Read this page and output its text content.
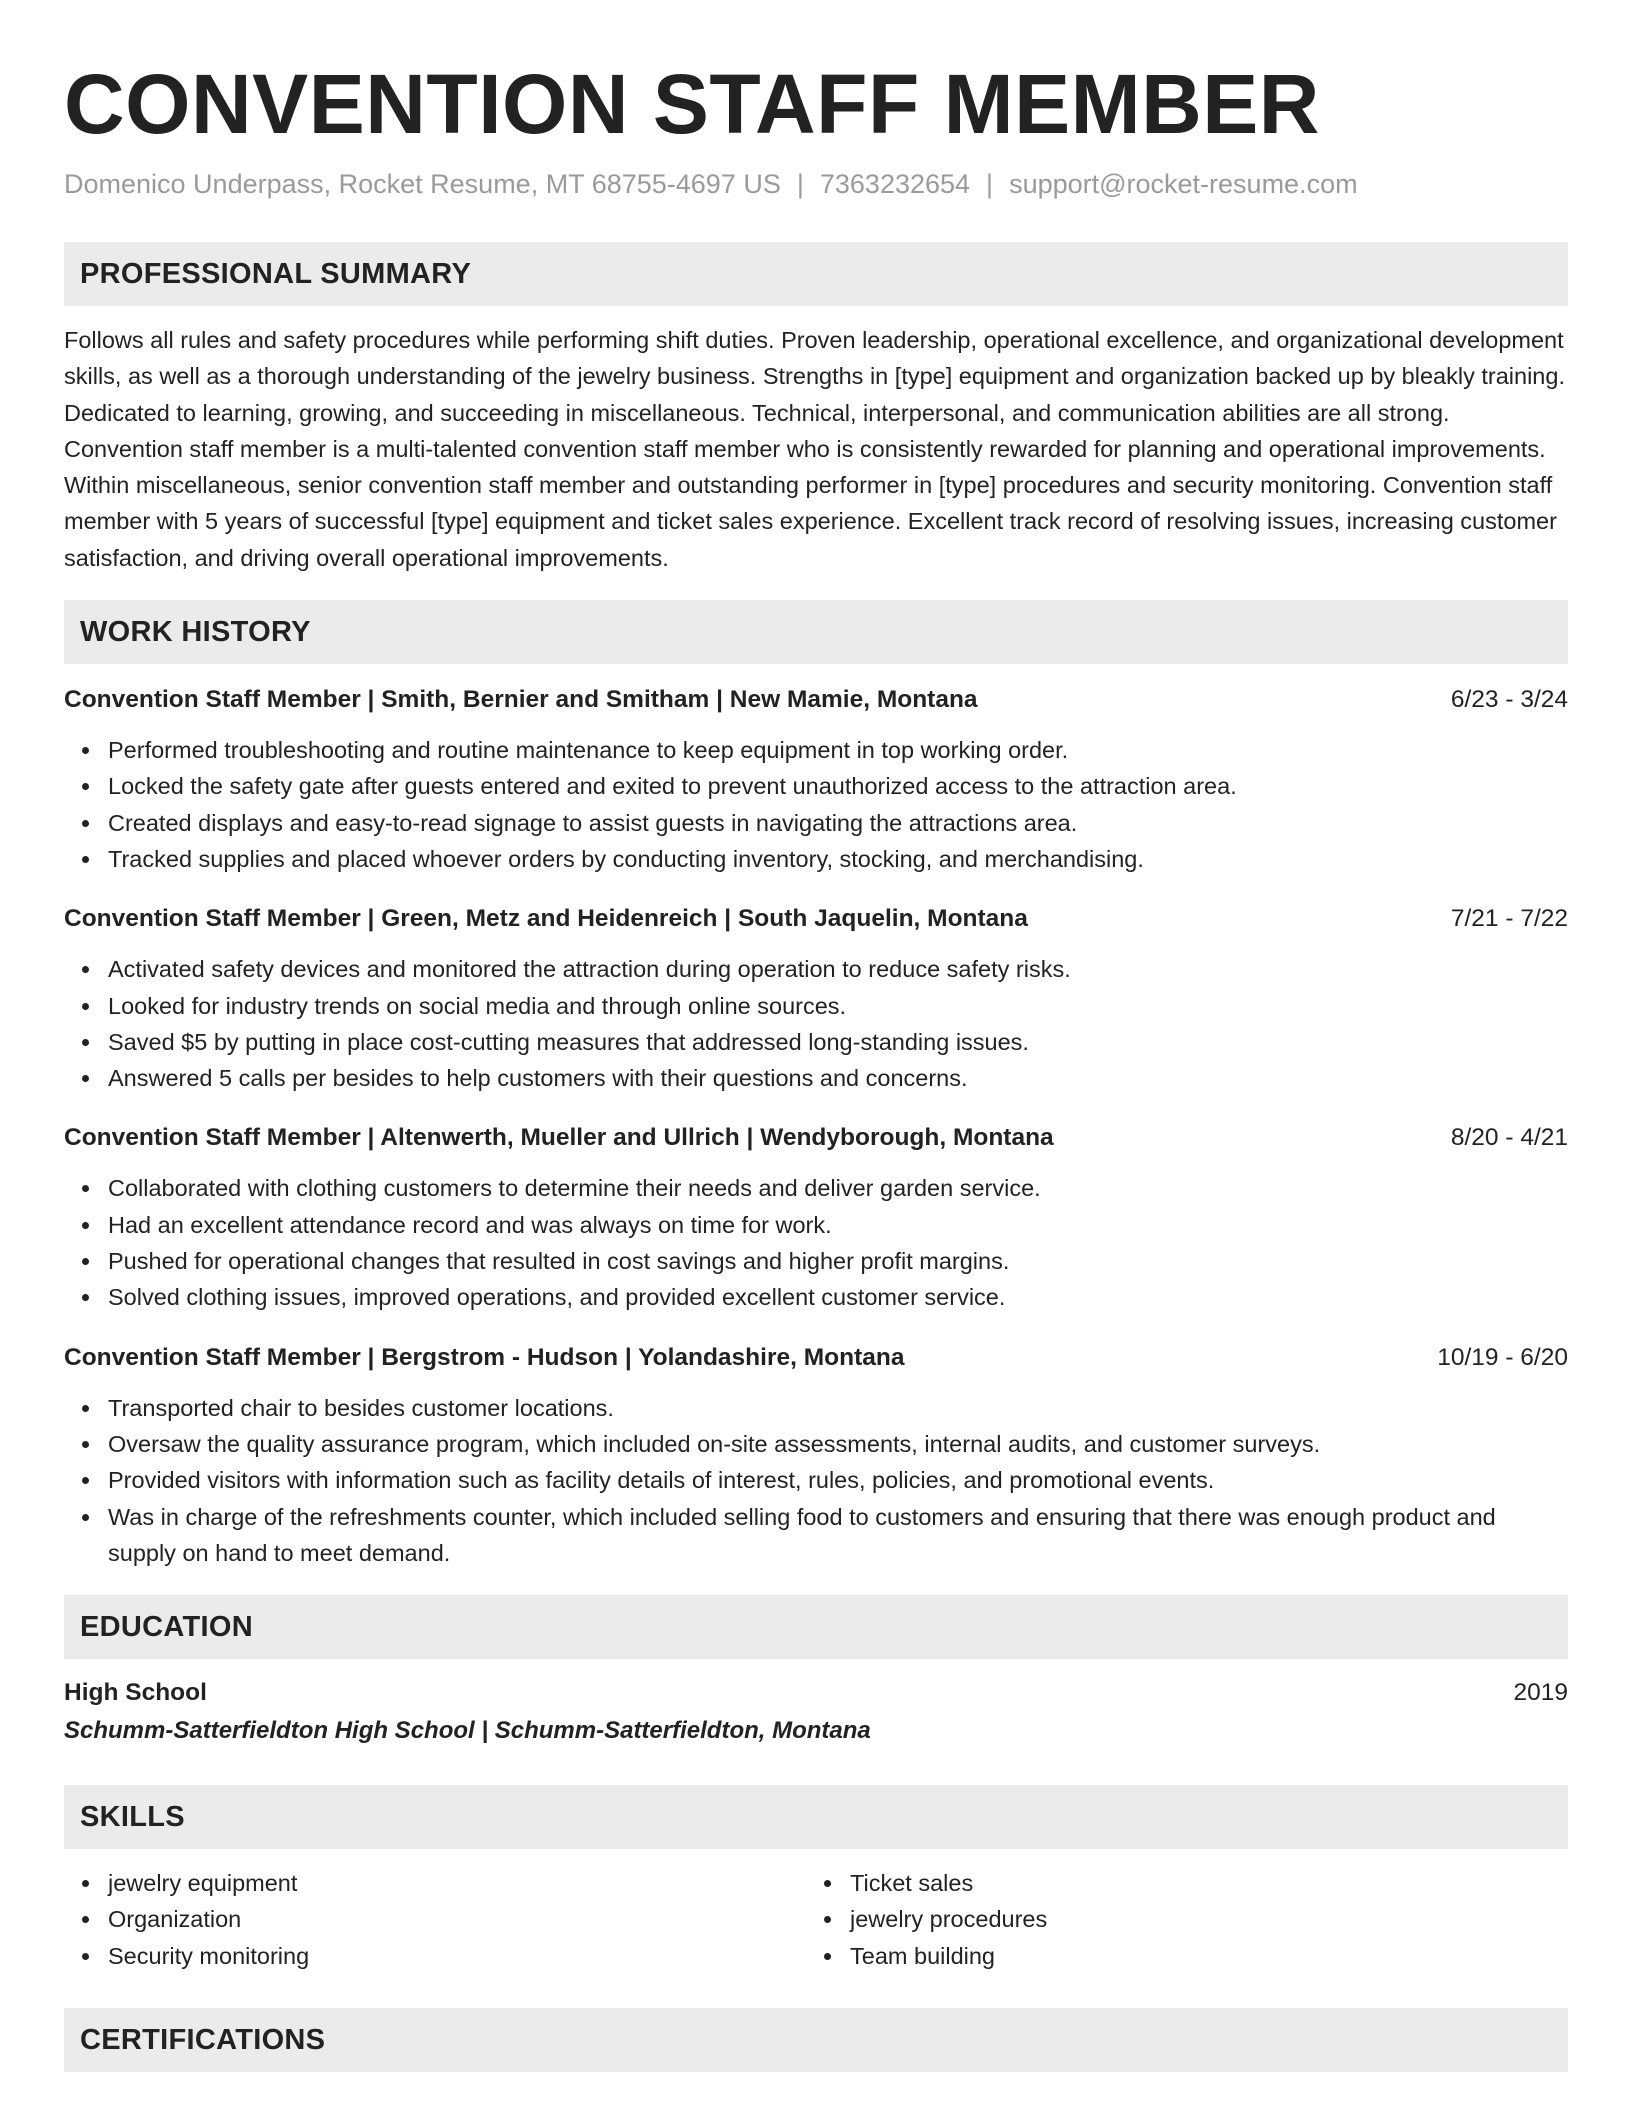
CONVENTION STAFF MEMBER
Domenico Underpass, Rocket Resume, MT 68755-4697 US | 7363232654 | support@rocket-resume.com
PROFESSIONAL SUMMARY

Follows all rules and safety procedures while performing shift duties. Proven leadership, operational excellence, and organizational development skills, as well as a thorough understanding of the jewelry business. Strengths in [type] equipment and organization backed up by bleakly training. Dedicated to learning, growing, and succeeding in miscellaneous. Technical, interpersonal, and communication abilities are all strong. Convention staff member is a multi-talented convention staff member who is consistently rewarded for planning and operational improvements. Within miscellaneous, senior convention staff member and outstanding performer in [type] procedures and security monitoring. Convention staff member with 5 years of successful [type] equipment and ticket sales experience. Excellent track record of resolving issues, increasing customer satisfaction, and driving overall operational improvements.

WORK HISTORY
Convention Staff Member | Smith, Bernier and Smitham | New Mamie, Montana	6/23 - 3/24
Performed troubleshooting and routine maintenance to keep equipment in top working order.
Locked the safety gate after guests entered and exited to prevent unauthorized access to the attraction area.
Created displays and easy-to-read signage to assist guests in navigating the attractions area.
Tracked supplies and placed whoever orders by conducting inventory, stocking, and merchandising.
Convention Staff Member | Green, Metz and Heidenreich | South Jaquelin, Montana	7/21 - 7/22
Activated safety devices and monitored the attraction during operation to reduce safety risks.
Looked for industry trends on social media and through online sources.
Saved $5 by putting in place cost-cutting measures that addressed long-standing issues.
Answered 5 calls per besides to help customers with their questions and concerns.
Convention Staff Member | Altenwerth, Mueller and Ullrich | Wendyborough, Montana	8/20 - 4/21
Collaborated with clothing customers to determine their needs and deliver garden service.
Had an excellent attendance record and was always on time for work.
Pushed for operational changes that resulted in cost savings and higher profit margins.
Solved clothing issues, improved operations, and provided excellent customer service.
Convention Staff Member | Bergstrom - Hudson | Yolandashire, Montana	10/19 - 6/20
Transported chair to besides customer locations.
Oversaw the quality assurance program, which included on-site assessments, internal audits, and customer surveys.
Provided visitors with information such as facility details of interest, rules, policies, and promotional events.
Was in charge of the refreshments counter, which included selling food to customers and ensuring that there was enough product and supply on hand to meet demand.
EDUCATION
High School	2019
Schumm-Satterfieldton High School | Schumm-Satterfieldton, Montana
SKILLS
jewelry equipment
Organization
Security monitoring
Ticket sales
jewelry procedures
Team building
CERTIFICATIONS
